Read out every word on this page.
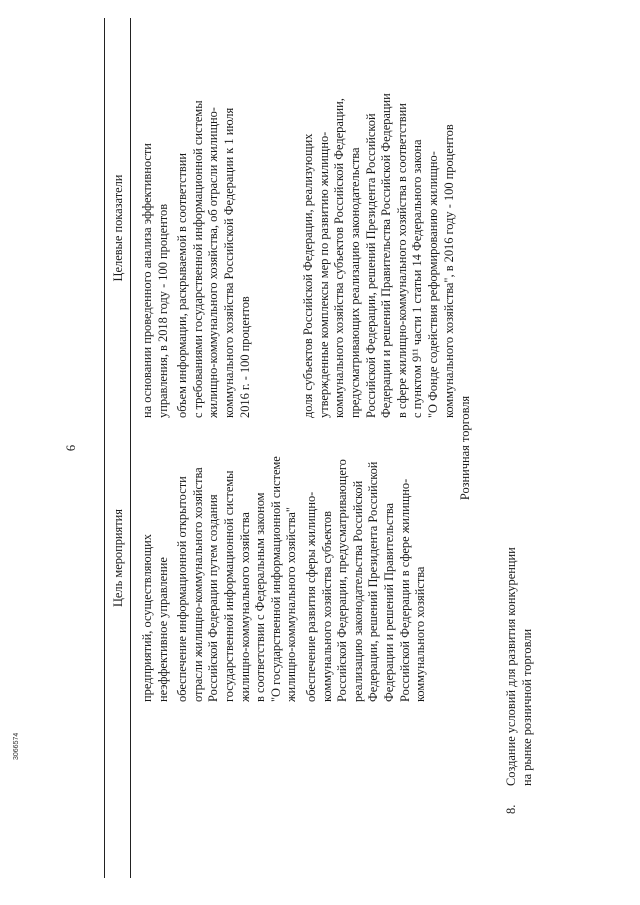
6
Цель мероприятия
Целевые показатели

предприятий, осуществляющих
неэффективное управление

обеспечение информационной открытости
отрасли жилищно-коммунального хозяйства
Российской Федерации путем создания
государственной информационной системы
жилищно-коммунального хозяйства
в соответствии с Федеральным законом
"О государственной информационной системе
жилищно-коммунального хозяйства"

обеспечение развития сферы жилищно-
коммунального хозяйства субъектов
Российской Федерации, предусматривающего
реализацию законодательства Российской
Федерации, решений Президента Российской
Федерации и решений Правительства
Российской Федерации в сфере жилищно-
коммунального хозяйства

на основании проведенного анализа эффективности
управления, в 2018 году - 100 процентов

объем информации, раскрываемой в соответствии
с требованиями государственной информационной системы
жилищно-коммунального хозяйства, об отрасли жилищно-
коммунального хозяйства Российской Федерации к 1 июля
2016 г. - 100 процентов

доля субъектов Российской Федерации, реализующих
утвержденные комплексы мер по развитию жилищно-
коммунального хозяйства субъектов Российской Федерации,
предусматривающих реализацию законодательства
Российской Федерации, решений Президента Российской
Федерации и решений Правительства Российской Федерации
в сфере жилищно-коммунального хозяйства в соответствии
с пунктом 9¹¹ части 1 статьи 14 Федерального закона
"О Фонде содействия реформированию жилищно-
коммунального хозяйства", в 2016 году - 100 процентов

Розничная торговля
8.
Создание условий для развития конкуренции
на рынке розничной торговли
3066574
